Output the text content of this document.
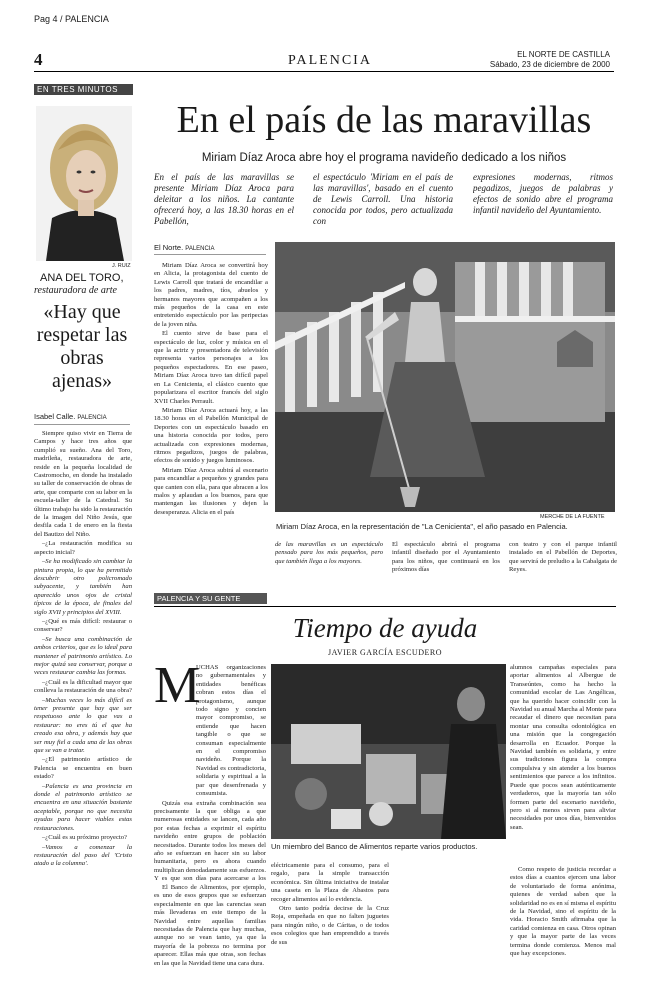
Pag 4 / PALENCIA
4	PALENCIA	EL NORTE DE CASTILLA
Sábado, 23 de diciembre de 2000
EN TRES MINUTOS
J. RUIZ
ANA DEL TORO,
restauradora de arte
«Hay que respetar las obras ajenas»
Isabel Calle. PALENCIA

Siempre quiso vivir en Tierra de Campos y hace tres años que cumplió su sueño. Ana del Toro, madrileña, restauradora de arte, reside en la pequeña localidad de Castromocho, en donde ha instalado su taller de conservación de obras de arte, que comparte con su labor en la escuela-taller de la Catedral. Su último trabajo ha sido la restauración de la imagen del Niño Jesús, que desfila cada 1 de enero en la fiesta del Bautizo del Niño.

–¿La restauración modifica su aspecto inicial?

–Se ha modificado sin cambiar la pintura propia, lo que ha permitido descubrir otro policromado subyacente, y también han aparecido unos ojos de cristal típicos de la época, de finales del siglo XVII y principios del XVIII.

–¿Qué es más difícil: restaurar o conservar?

–Se busca una combinación de ambos criterios, que es lo ideal para mantener el patrimonio artístico. Lo mejor quizá sea conservar, porque a veces restaurar cambia las formas.

–¿Cuál es la dificultad mayor que conlleva la restauración de una obra?

–Muchas veces lo más difícil es tener presente que hay que ser respetuoso ante lo que vas a restaurar: no eres tú el que ha creado esa obra, y además hay que ser muy fiel a cada una de las obras que se van a tratar.

–¿El patrimonio artístico de Palencia se encuentra en buen estado?

–Palencia es una provincia en donde el patrimonio artístico se encuentra en una situación bastante aceptable, porque no que necesita ayudas para hacer viables estas restauraciones.

–¿Cuál es su próximo proyecto?

–Vamos a comenzar la restauración del paso del 'Cristo atado a la columna'.

En el país de las maravillas
Miriam Díaz Aroca abre hoy el programa navideño dedicado a los niños
En el país de las maravillas se presente Miriam Díaz Aroca para deleitar a los niños. La cantante ofrecerá hoy, a las 18.30 horas en el Pabellón,
el espectáculo 'Miriam en el país de las maravillas', basado en el cuento de Lewis Carroll. Una historia conocida por todos, pero actualizada con
expresiones modernas, ritmos pegadizos, juegos de palabras y efectos de sonido abre el programa infantil navideño del Ayuntamiento.
El Norte. PALENCIA

Miriam Díaz Aroca se convertirá hoy en Alicia, la protagonista del cuento de Lewis Carroll que tratará de encandilar a los padres, madres, tíos, abuelos y hermanos mayores que acompañen a los más pequeños de la casa en este entretenido espectáculo por las peripecias de la joven niña.

El cuento sirve de base para el espectáculo de luz, color y música en el que la actriz y presentadora de televisión representa varios personajes a los pequeños espectadores. En ese paseo, Miriam Díaz Aroca tuvo tan difícil papel en La Cenicienta, el clásico cuento que popularizara el escritor francés del siglo XVII Charles Perrault.

Miriam Díaz Aroca actuará hoy, a las 18.30 horas en el Pabellón Municipal de Deportes con un espectáculo basado en una historia conocida por todos, pero actualizada con expresiones modernas, ritmos pegadizos, juegos de palabras, efectos de sonido y juegos luminosos.

Miriam Díaz Aroca subirá al escenario para encandilar a pequeños y grandes para que canten con ella, para que abracen a los malos y aplaudan a los buenos, para que mantengan las ilusiones y dejen la desesperanza. Alicia en el país

MERCHE DE LA FUENTE
Miriam Díaz Aroca, en la representación de "La Cenicienta", el año pasado en Palencia.
de las maravillas es un espectáculo pensado para los más pequeños, pero que también llega a los mayores.
El espectáculo abrirá el programa infantil diseñado por el Ayuntamiento para los niños, que continuará en los próximos días
con teatro y con el parque infantil instalado en el Pabellón de Deportes, que servirá de preludio a la Cabalgata de Reyes.
PALENCIA Y SU GENTE
Tiempo de ayuda
JAVIER GARCÍA ESCUDERO
M

UCHAS organizaciones no gubernamentales y entidades benéficas cobran estos días el protagonismo, aunque todo signo y concien mayor compromiso, se entiende que hacen tangible o que se consuman especialmente en el compromiso navideño. Porque la Navidad es contradictoria, solidaria y espiritual a la par que desenfrenada y consumista.

Quizás esa extraña combinación sea precisamente la que obliga a que numerosas entidades se lancen, cada año por estas fechas a exprimir el espíritu navideño entre grupos de población necesitados. Durante todos los meses del año se esfuerzan en hacer sin su labor humanitaria, pero es ahora cuando multiplican denodadamente sus esfuerzos. Y es que son días para acercarse a los

Un miembro del Banco de Alimentos reparte varios productos.
El Banco de Alimentos, por ejemplo, es uno de esos grupos que se esfuerzan especialmente en que las carencias sean más llevaderas en este tiempo de la Navidad entre aquellas familias necesitadas de Palencia que hay muchas, aunque no se vean tanto, ya que la mayoría de la pobreza no termina por aparecer. Ellas más que otras, son fechas en las que la Navidad tiene una cara dura.
alumnos campañas especiales para aportar alimentos al Albergue de Transeúntes, como ha hecho la comunidad escolar de Las Angélicas, que ha querido hacer coincidir con la Navidad su anual Marcha al Monte para recaudar el dinero que necesitan para montar una consulta odontológica en una misión que la congregación desarrolla en Ecuador. Porque la Navidad también es solidaria, y entre sus tradiciones figura la compra compulsiva y sin atender a los buenos sentimientos que parece a los infinitos. Puede que pocos sean auténticamente verdaderos, que la mayoría tan sólo formen parte del escenario navideño, pero si al menos sirven para aliviar necesidades por unos días, bienvenidos sean.

eléctricamente para el consumo, para el regalo, para la simple transacción económica. Sin última iniciativa de instalar una caseta en la Plaza de Abastos para recoger alimentos así lo evidencia.

Otro tanto podría decirse de la Cruz Roja, empeñada en que no falten juguetes para ningún niño, o de Cáritas, o de todos esos colegios que han emprendido a través de sus

Como respeto de justicia recordar a estos días a cuantos ejercen una labor de voluntariado de forma anónima, quienes de verdad saben que la solidaridad no es en sí misma el espíritu de la Navidad, sino el espíritu de la vida. Horacio Smith afirmaba que la caridad comienza en casa. Otros opinan y que la mayor parte de las veces termina donde comienza. Menos mal que hay excepciones.
